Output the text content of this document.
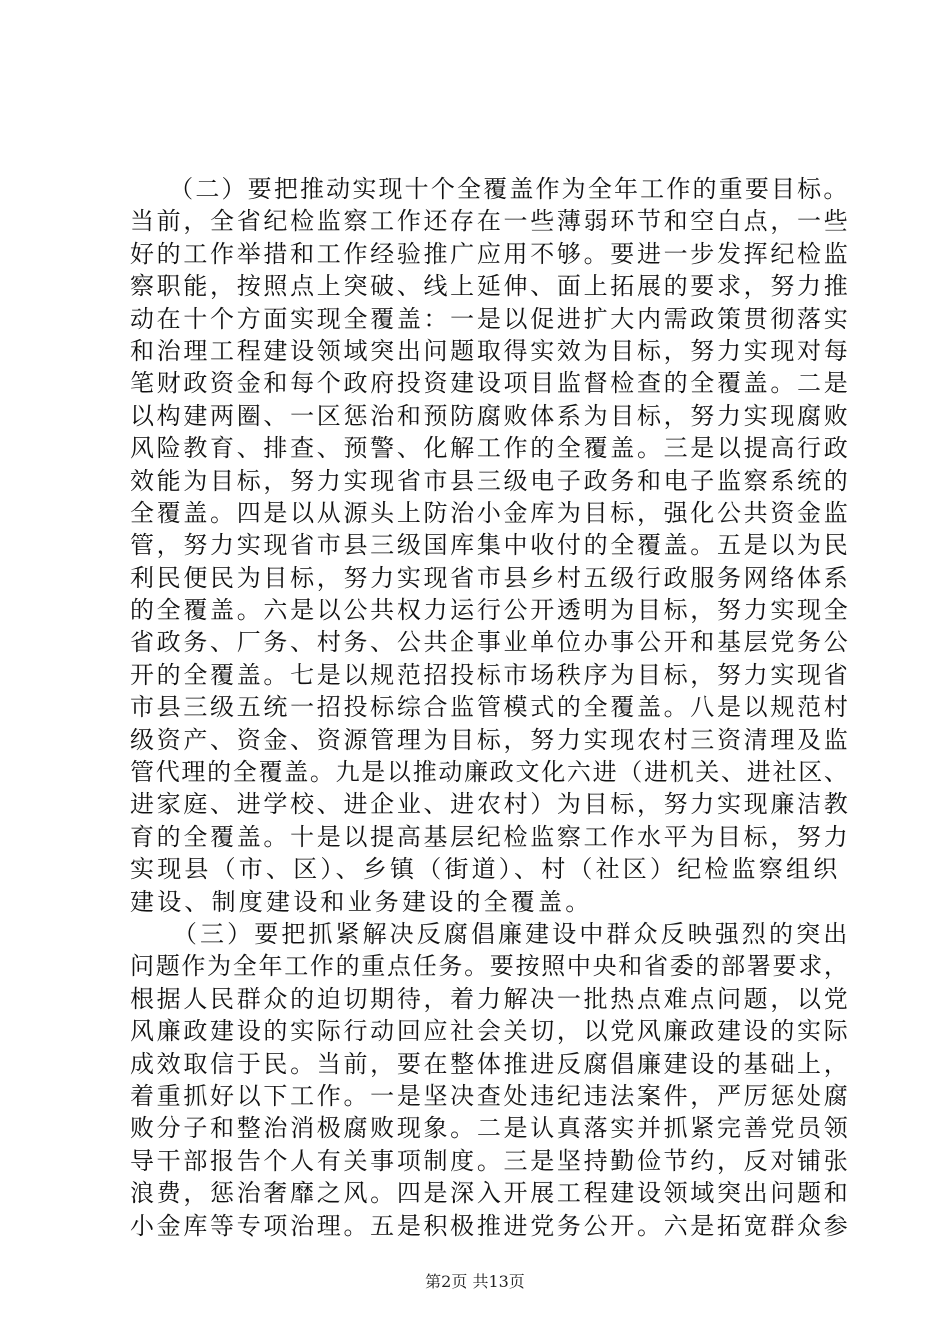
（二）要把推动实现十个全覆盖作为全年工作的重要目标。
当前，全省纪检监察工作还存在一些薄弱环节和空白点，一些
好的工作举措和工作经验推广应用不够。要进一步发挥纪检监
察职能，按照点上突破、线上延伸、面上拓展的要求，努力推
动在十个方面实现全覆盖：一是以促进扩大内需政策贯彻落实
和治理工程建设领域突出问题取得实效为目标，努力实现对每
笔财政资金和每个政府投资建设项目监督检查的全覆盖。二是
以构建两圈、一区惩治和预防腐败体系为目标，努力实现腐败
风险教育、排查、预警、化解工作的全覆盖。三是以提高行政
效能为目标，努力实现省市县三级电子政务和电子监察系统的
全覆盖。四是以从源头上防治小金库为目标，强化公共资金监
管，努力实现省市县三级国库集中收付的全覆盖。五是以为民
利民便民为目标，努力实现省市县乡村五级行政服务网络体系
的全覆盖。六是以公共权力运行公开透明为目标，努力实现全
省政务、厂务、村务、公共企事业单位办事公开和基层党务公
开的全覆盖。七是以规范招投标市场秩序为目标，努力实现省
市县三级五统一招投标综合监管模式的全覆盖。八是以规范村
级资产、资金、资源管理为目标，努力实现农村三资清理及监
管代理的全覆盖。九是以推动廉政文化六进（进机关、进社区、
进家庭、进学校、进企业、进农村）为目标，努力实现廉洁教
育的全覆盖。十是以提高基层纪检监察工作水平为目标，努力
实现县（市、区）、乡镇（街道）、村（社区）纪检监察组织
建设、制度建设和业务建设的全覆盖。
（三）要把抓紧解决反腐倡廉建设中群众反映强烈的突出
问题作为全年工作的重点任务。要按照中央和省委的部署要求，
根据人民群众的迫切期待，着力解决一批热点难点问题，以党
风廉政建设的实际行动回应社会关切，以党风廉政建设的实际
成效取信于民。当前，要在整体推进反腐倡廉建设的基础上，
着重抓好以下工作。一是坚决查处违纪违法案件，严厉惩处腐
败分子和整治消极腐败现象。二是认真落实并抓紧完善党员领
导干部报告个人有关事项制度。三是坚持勤俭节约，反对铺张
浪费，惩治奢靡之风。四是深入开展工程建设领域突出问题和
小金库等专项治理。五是积极推进党务公开。六是拓宽群众参
第2页 共13页
